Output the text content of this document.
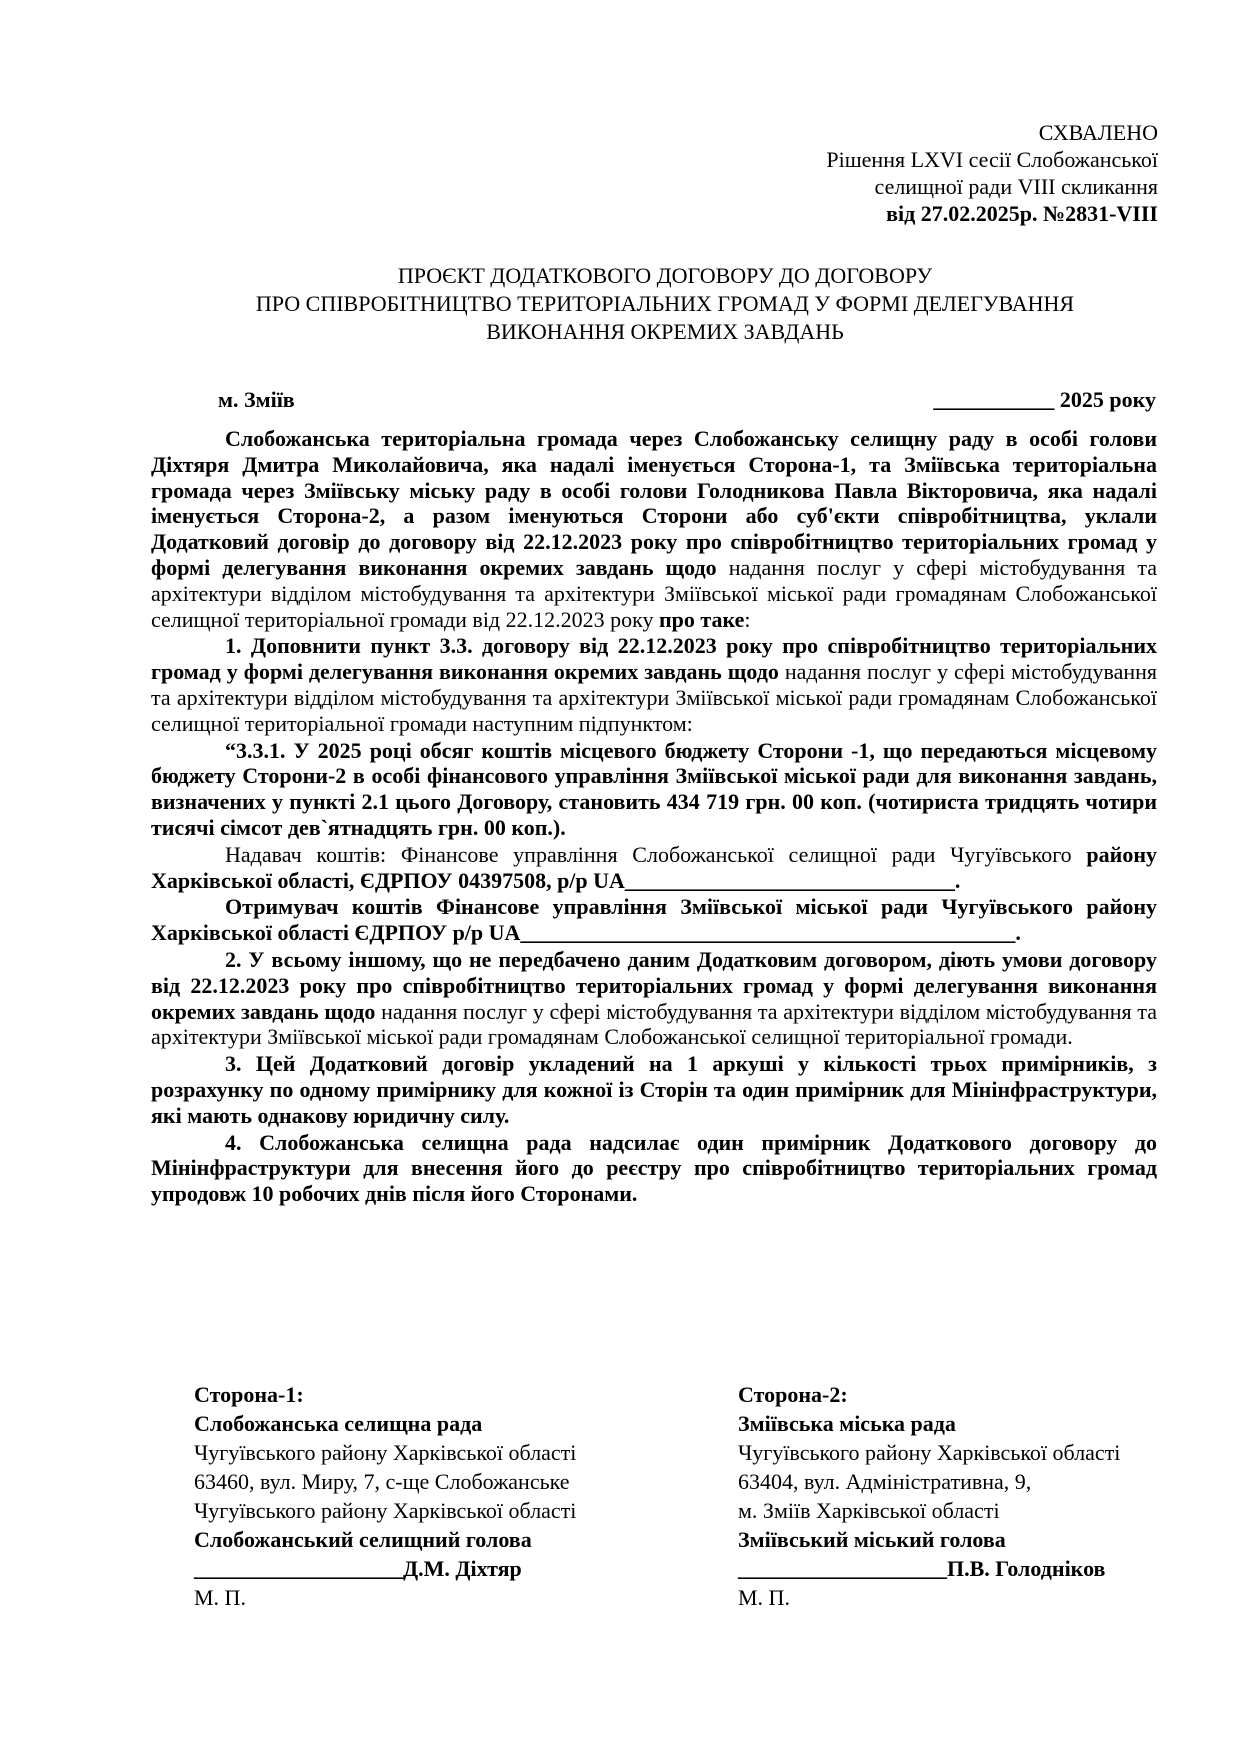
СХВАЛЕНО
Рішення LXVI сесії Слобожанської
селищної ради VIII скликання
від 27.02.2025р. №2831-VIII
ПРОЄКТ ДОДАТКОВОГО ДОГОВОРУ ДО ДОГОВОРУ
ПРО СПІВРОБІТНИЦТВО ТЕРИТОРІАЛЬНИХ ГРОМАД У ФОРМІ ДЕЛЕГУВАННЯ
ВИКОНАННЯ ОКРЕМИХ ЗАВДАНЬ
м. Зміїв	___________ 2025 року

Слобожанська територіальна громада через Слобожанську селищну раду в особі голови Діхтяря Дмитра Миколайовича, яка надалі іменується Сторона-1, та Зміївська територіальна громада через Зміївську міську раду в особі голови Голодникова Павла Вікторовича, яка надалі іменується Сторона-2, а разом іменуються Сторони або суб'єкти співробітництва, уклали Додатковий договір до договору від 22.12.2023 року про співробітництво територіальних громад у формі делегування виконання окремих завдань щодо надання послуг у сфері містобудування та архітектури відділом містобудування та архітектури Зміївської міської ради громадянам Слобожанської селищної територіальної громади від 22.12.2023 року про таке:

1. Доповнити пункт 3.3. договору від 22.12.2023 року про співробітництво територіальних громад у формі делегування виконання окремих завдань щодо надання послуг у сфері містобудування та архітектури відділом містобудування та архітектури Зміївської міської ради громадянам Слобожанської селищної територіальної громади наступним підпунктом:

“3.3.1. У 2025 році обсяг коштів місцевого бюджету Сторони -1, що передаються місцевому бюджету Сторони-2 в особі фінансового управління Зміївської міської ради для виконання завдань, визначених у пункті 2.1 цього Договору, становить 434 719 грн. 00 коп. (чотириста тридцять чотири тисячі сімсот дев`ятнадцять грн. 00 коп.).

Надавач коштів: Фінансове управління Слобожанської селищної ради Чугуївського району Харківської області, ЄДРПОУ 04397508, р/р UA______________________________.

Отримувач коштів Фінансове управління Зміївської міської ради Чугуївського району Харківської області ЄДРПОУ р/р UA_____________________________________________.

2. У всьому іншому, що не передбачено даним Додатковим договором, діють умови договору від 22.12.2023 року про співробітництво територіальних громад у формі делегування виконання окремих завдань щодо надання послуг у сфері містобудування та архітектури відділом містобудування та архітектури Зміївської міської ради громадянам Слобожанської селищної територіальної громади.

3. Цей Додатковий договір укладений на 1 аркуші у кількості трьох примірників, з розрахунку по одному примірнику для кожної із Сторін та один примірник для Мінінфраструктури, які мають однакову юридичну силу.

4. Слобожанська селищна рада надсилає один примірник Додаткового договору до Мінінфраструктури для внесення його до реєстру про співробітництво територіальних громад упродовж 10 робочих днів після його Сторонами.

Сторона-1:
Слобожанська селищна рада
Чугуївського району Харківської області
63460, вул. Миру, 7, с-ще Слобожанське
Чугуївського району Харківської області
Слобожанський селищний голова
___________________Д.М. Діхтяр
М. П.
Сторона-2:
Зміївська міська рада
Чугуївського району Харківської області
63404, вул. Адміністративна, 9,
м. Зміїв Харківської області
Зміївський міський голова
___________________П.В. Голодніков
М. П.
